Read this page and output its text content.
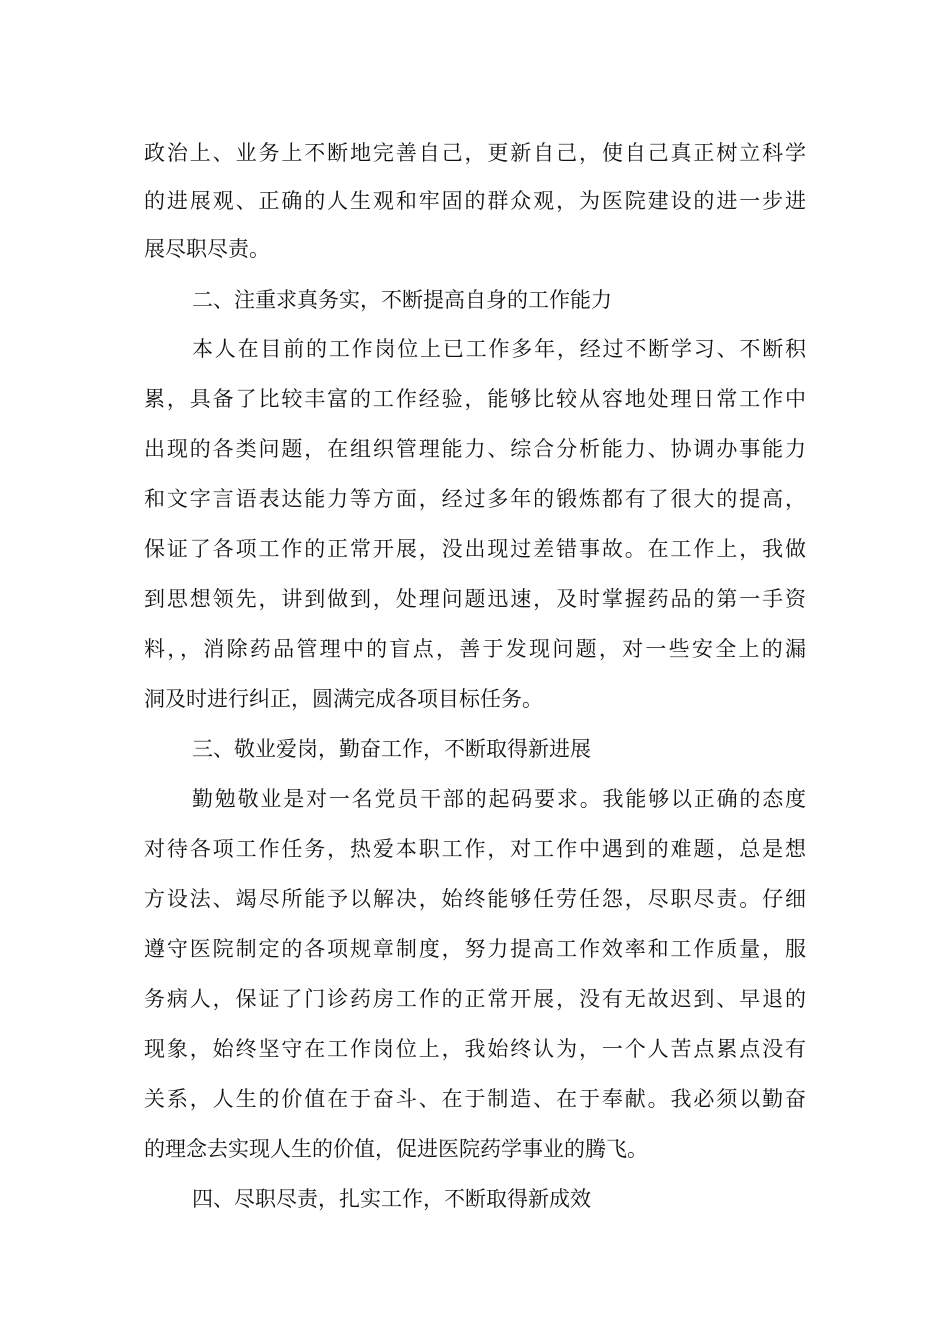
政治上、业务上不断地完善自己，更新自己，使自己真正树立科学
的进展观、正确的人生观和牢固的群众观，为医院建设的进一步进
展尽职尽责。
二、注重求真务实，不断提高自身的工作能力
本人在目前的工作岗位上已工作多年，经过不断学习、不断积
累，具备了比较丰富的工作经验，能够比较从容地处理日常工作中
出现的各类问题，在组织管理能力、综合分析能力、协调办事能力
和文字言语表达能力等方面，经过多年的锻炼都有了很大的提高，
保证了各项工作的正常开展，没出现过差错事故。在工作上，我做
到思想领先，讲到做到，处理问题迅速，及时掌握药品的第一手资
料，，消除药品管理中的盲点，善于发现问题，对一些安全上的漏
洞及时进行纠正，圆满完成各项目标任务。
三、敬业爱岗，勤奋工作，不断取得新进展
勤勉敬业是对一名党员干部的起码要求。我能够以正确的态度
对待各项工作任务，热爱本职工作，对工作中遇到的难题，总是想
方设法、竭尽所能予以解决，始终能够任劳任怨，尽职尽责。仔细
遵守医院制定的各项规章制度，努力提高工作效率和工作质量，服
务病人，保证了门诊药房工作的正常开展，没有无故迟到、早退的
现象，始终坚守在工作岗位上，我始终认为，一个人苦点累点没有
关系，人生的价值在于奋斗、在于制造、在于奉献。我必须以勤奋
的理念去实现人生的价值，促进医院药学事业的腾飞。
四、尽职尽责，扎实工作，不断取得新成效
